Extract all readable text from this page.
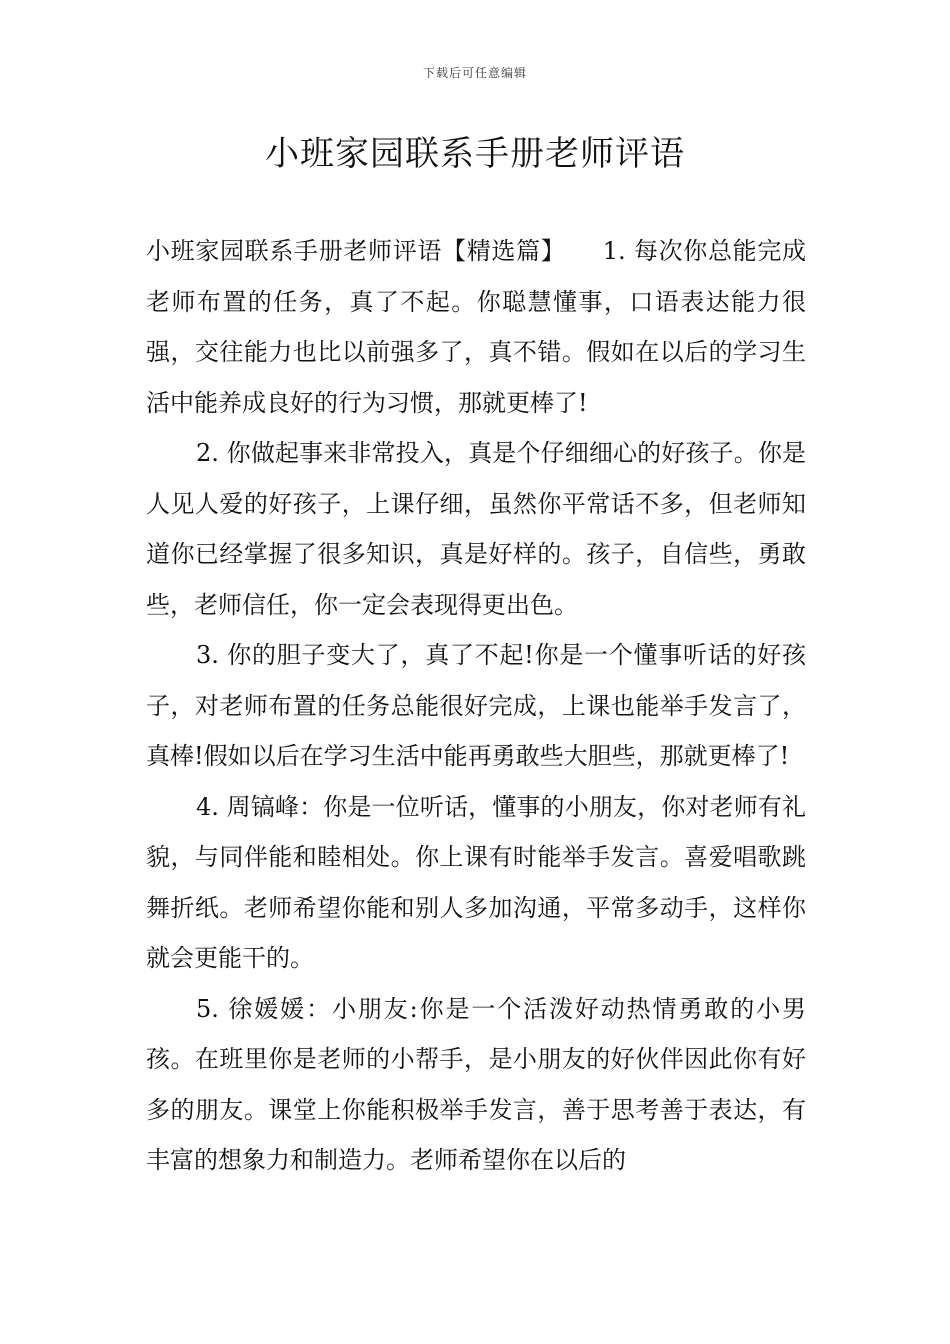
下载后可任意编辑
小班家园联系手册老师评语

小班家园联系手册老师评语【精选篇】　　1. 每次你总能完成老师布置的任务，真了不起。你聪慧懂事，口语表达能力很强，交往能力也比以前强多了，真不错。假如在以后的学习生活中能养成良好的行为习惯，那就更棒了!

2. 你做起事来非常投入，真是个仔细细心的好孩子。你是人见人爱的好孩子，上课仔细，虽然你平常话不多，但老师知道你已经掌握了很多知识，真是好样的。孩子，自信些，勇敢些，老师信任，你一定会表现得更出色。

3. 你的胆子变大了，真了不起!你是一个懂事听话的好孩子，对老师布置的任务总能很好完成，上课也能举手发言了，真棒!假如以后在学习生活中能再勇敢些大胆些，那就更棒了!

4. 周镐峰：你是一位听话，懂事的小朋友，你对老师有礼貌，与同伴能和睦相处。你上课有时能举手发言。喜爱唱歌跳舞折纸。老师希望你能和别人多加沟通，平常多动手，这样你就会更能干的。

5. 徐媛媛：小朋友:你是一个活泼好动热情勇敢的小男孩。在班里你是老师的小帮手，是小朋友的好伙伴因此你有好多的朋友。课堂上你能积极举手发言，善于思考善于表达，有丰富的想象力和制造力。老师希望你在以后的
